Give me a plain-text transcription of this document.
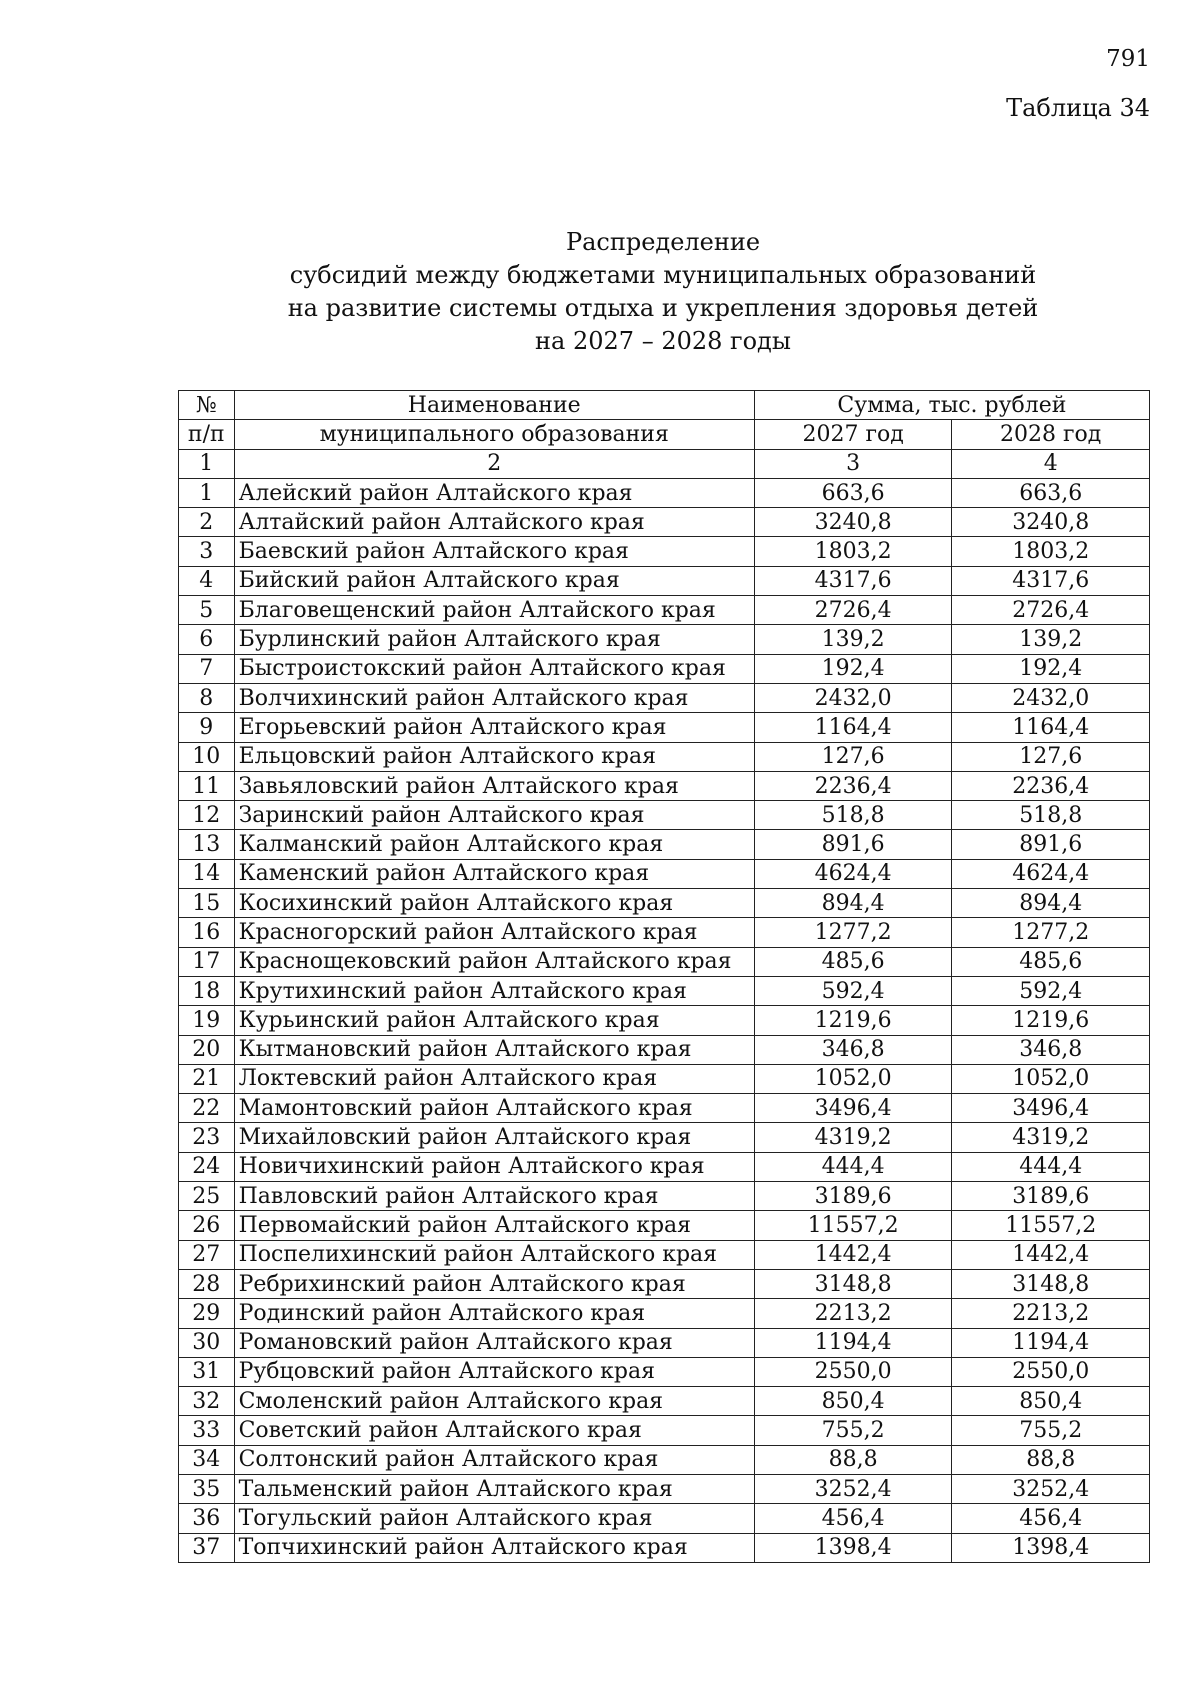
791
Таблица 34
Распределение
субсидий между бюджетами муниципальных образований
на развитие системы отдыха и укрепления здоровья детей
на 2027 – 2028 годы
№	Наименование	Сумма, тыс. рублей	
п/п	муниципального образования	2027 год	2028 год
1	2	3	4
1	Алейский район Алтайского края	663,6	663,6
2	Алтайский район Алтайского края	3240,8	3240,8
3	Баевский район Алтайского края	1803,2	1803,2
4	Бийский район Алтайского края	4317,6	4317,6
5	Благовещенский район Алтайского края	2726,4	2726,4
6	Бурлинский район Алтайского края	139,2	139,2
7	Быстроистокский район Алтайского края	192,4	192,4
8	Волчихинский район Алтайского края	2432,0	2432,0
9	Егорьевский район Алтайского края	1164,4	1164,4
10	Ельцовский район Алтайского края	127,6	127,6
11	Завьяловский район Алтайского края	2236,4	2236,4
12	Заринский район Алтайского края	518,8	518,8
13	Калманский район Алтайского края	891,6	891,6
14	Каменский район Алтайского края	4624,4	4624,4
15	Косихинский район Алтайского края	894,4	894,4
16	Красногорский район Алтайского края	1277,2	1277,2
17	Краснощековский район Алтайского края	485,6	485,6
18	Крутихинский район Алтайского края	592,4	592,4
19	Курьинский район Алтайского края	1219,6	1219,6
20	Кытмановский район Алтайского края	346,8	346,8
21	Локтевский район Алтайского края	1052,0	1052,0
22	Мамонтовский район Алтайского края	3496,4	3496,4
23	Михайловский район Алтайского края	4319,2	4319,2
24	Новичихинский район Алтайского края	444,4	444,4
25	Павловский район Алтайского края	3189,6	3189,6
26	Первомайский район Алтайского края	11557,2	11557,2
27	Поспелихинский район Алтайского края	1442,4	1442,4
28	Ребрихинский район Алтайского края	3148,8	3148,8
29	Родинский район Алтайского края	2213,2	2213,2
30	Романовский район Алтайского края	1194,4	1194,4
31	Рубцовский район Алтайского края	2550,0	2550,0
32	Смоленский район Алтайского края	850,4	850,4
33	Советский район Алтайского края	755,2	755,2
34	Солтонский район Алтайского края	88,8	88,8
35	Тальменский район Алтайского края	3252,4	3252,4
36	Тогульский район Алтайского края	456,4	456,4
37	Топчихинский район Алтайского края	1398,4	1398,4
